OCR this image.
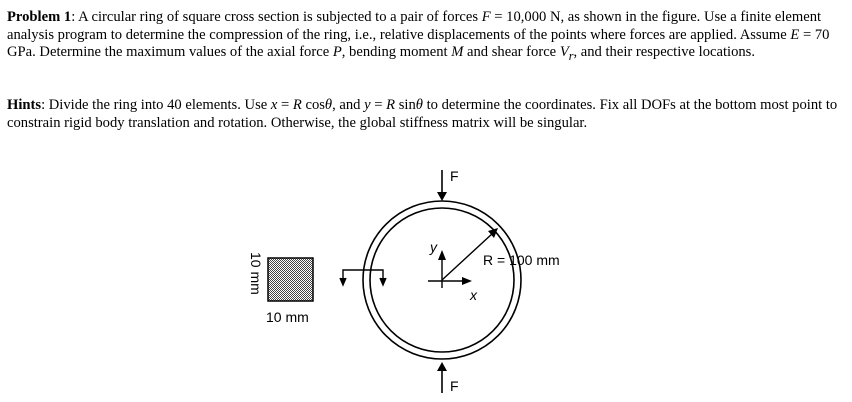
Problem 1: A circular ring of square cross section is subjected to a pair of forces F = 10,000 N, as shown in the figure. Use a finite element analysis program to determine the compression of the ring, i.e., relative displacements of the points where forces are applied. Assume E = 70 GPa. Determine the maximum values of the axial force P, bending moment M and shear force $V_r$, and their respective locations.
Hints: Divide the ring into 40 elements. Use x = R cosθ, and y = R sinθ to determine the coordinates. Fix all DOFs at the bottom most point to constrain rigid body translation and rotation. Otherwise, the global stiffness matrix will be singular.
10 mm
10 mm
F
F
y
x
R = 100 mm
